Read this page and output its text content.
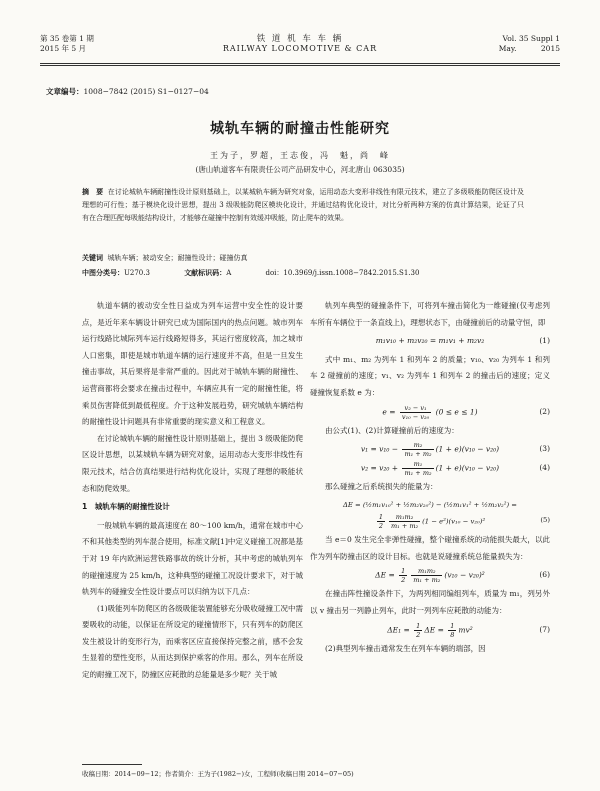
第 35 卷第 1 期
2015 年 5 月
铁 道 机 车 车 辆
RAILWAY LOCOMOTIVE & CAR
Vol. 35 Suppl 1
May.	2015
文章编号：1008−7842 (2015) S1−0127−04
城轨车辆的耐撞击性能研究
王为子，罗超，王志俊，冯　魁，尚　峰
(唐山轨道客车有限责任公司产品研发中心，河北唐山 063035)
摘　要 在讨论城轨车辆耐撞性设计原则基础上，以某城轨车辆为研究对象，运用动态大变形非线性有限元技术，建立了多级吸能防爬区设计及理想的可行性；基于模块化设计思想，提出 3 级吸能防爬区模块化设计，并通过结构优化设计，对比分析两种方案的仿真计算结果，论证了只有在合理匹配每吸能结构设计，才能够在碰撞中控制有效缓冲吸能，防止爬车的效果。
关键词 城轨车辆；被动安全；耐撞性设计；碰撞仿真
中图分类号：U270.3	文献标识码：A	doi：10.3969/j.issn.1008−7842.2015.S1.30

轨道车辆的被动安全性日益成为列车运营中安全性的设计要点，是近年来车辆设计研究已成为国际国内的热点问题。城市列车运行线路比城际列车运行线路短得多，其运行密度较高，加之城市人口密集，即使是城市轨道车辆的运行速度并不高，但是一旦发生撞击事故，其后果将是非常严重的。因此对于城轨车辆的耐撞性、运营商都将会要求在撞击过程中，车辆应具有一定的耐撞性能，将乘员伤害降低到最低程度。介于这种发展趋势，研究城轨车辆结构的耐撞性设计问题具有非常重要的现实意义和工程意义。

在讨论城轨车辆的耐撞性设计原则基础上，提出 3 级吸能防爬区设计思想，以某城轨车辆为研究对象，运用动态大变形非线性有限元技术，结合仿真结果进行结构优化设计，实现了理想的吸能状态和防爬效果。

1　城轨车辆的耐撞性设计

一般城轨车辆的最高速度在 80～100 km/h，通常在城市中心不和其他类型的列车混合使用，标准文献[1]中定义碰撞工况都是基于对 19 年内欧洲运营铁路事故的统计分析，其中考虑的城轨列车的碰撞速度为 25 km/h，这种典型的碰撞工况设计要求下，对于城轨列车的碰撞安全性设计要点可以归纳为以下几点：

(1)吸能列车防爬区的各级吸能装置能够充分吸收碰撞工况中需要吸收的动能，以保证在所设定的碰撞情形下，只有列车的防爬区发生被设计的变形行为，而乘客区应直接保持完整之前，感不会发生显着的塑性变形，从而达到保护乘客的作用。那么，列车在所设定的耐撞工况下，防撞区应耗散的总能量是多少呢？关于城

轨列车典型的碰撞条件下，可将列车撞击简化为一维碰撞(仅考虑列车所有车辆位于一条直线上)，理想状态下，由碰撞前后的动量守恒，即

m₁v₁₀ + m₂v₂₀ = m₁v₁ + m₂v₂	(1)

式中 m₁、m₂ 为列车 1 和列车 2 的质量；v₁₀、v₂₀ 为列车 1 和列车 2 碰撞前的速度；v₁、v₂ 为列车 1 和列车 2 的撞击后的速度；定义碰撞恢复系数 e 为：

$e = \frac{\text{v₂ − v₁}}{\text{v₁₀ − v₂₀}} (0 \le e \le 1)$	(2)

由公式(1)、(2)计算碰撞前后的速度为：

$v_1 = v_{10} - \frac{\text{m₂}}{\text{m₁ + m₂}} (1 + e)(v_{10} - v_{20})$	(3)
$v_2 = v_{20} + \frac{\text{m₁}}{\text{m₁ + m₂}} (1 + e)(v_{10} - v_{20})$	(4)

那么碰撞之后系统损失的能量为：

ΔE = (½m₁v₁₀² + ½m₂v₂₀²) − (½m₁v₁² + ½m₂v₂²) =

$\frac{1}{2} \frac{\text{m₁m₂}}{\text{m₁ + m₂}} (1 - e^2)(v_{10} - v_{20})^2$	(5)

当 e＝0 发生完全非弹性碰撞，整个碰撞系统的动能损失最大，以此作为列车防撞击区的设计目标。也就是说碰撞系统总能量损失为：

$\Delta E = \frac{1}{2} \frac{\text{m₁m₂}}{\text{m₁ + m₂}} (v_{10} - v_{20})^2$	(6)

在撞击阵性撞设条件下，为两列相同编组列车，质量为 m₁，列另外以 v 撞击另一列静止列车，此时一列列车应耗散的动能为：

$\Delta E_1 = \frac{1}{2}$ $\Delta E = \frac{1}{8} mv^2$	(7)

(2)典型列车撞击通常发生在列车车辆的端部，因

收稿日期：2014−09−12；作者简介：王为子(1982−)女，工程师(收稿日期 2014−07−05)
